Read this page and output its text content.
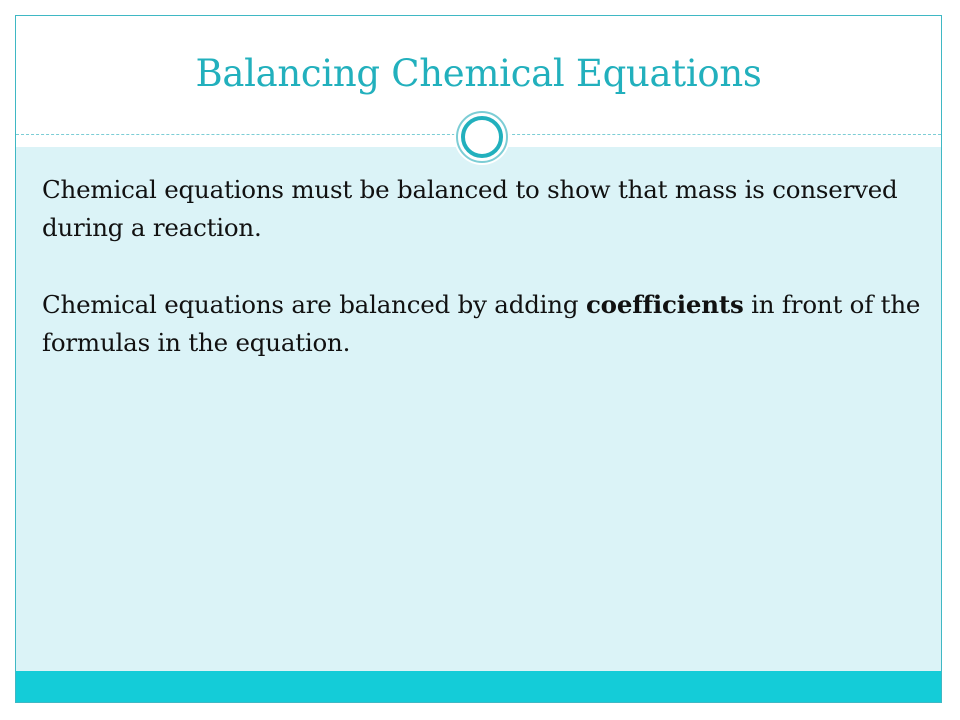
Balancing Chemical Equations

Chemical equations must be balanced to show that mass is conserved during a reaction.

Chemical equations are balanced by adding coefficients in front of the formulas in the equation.
